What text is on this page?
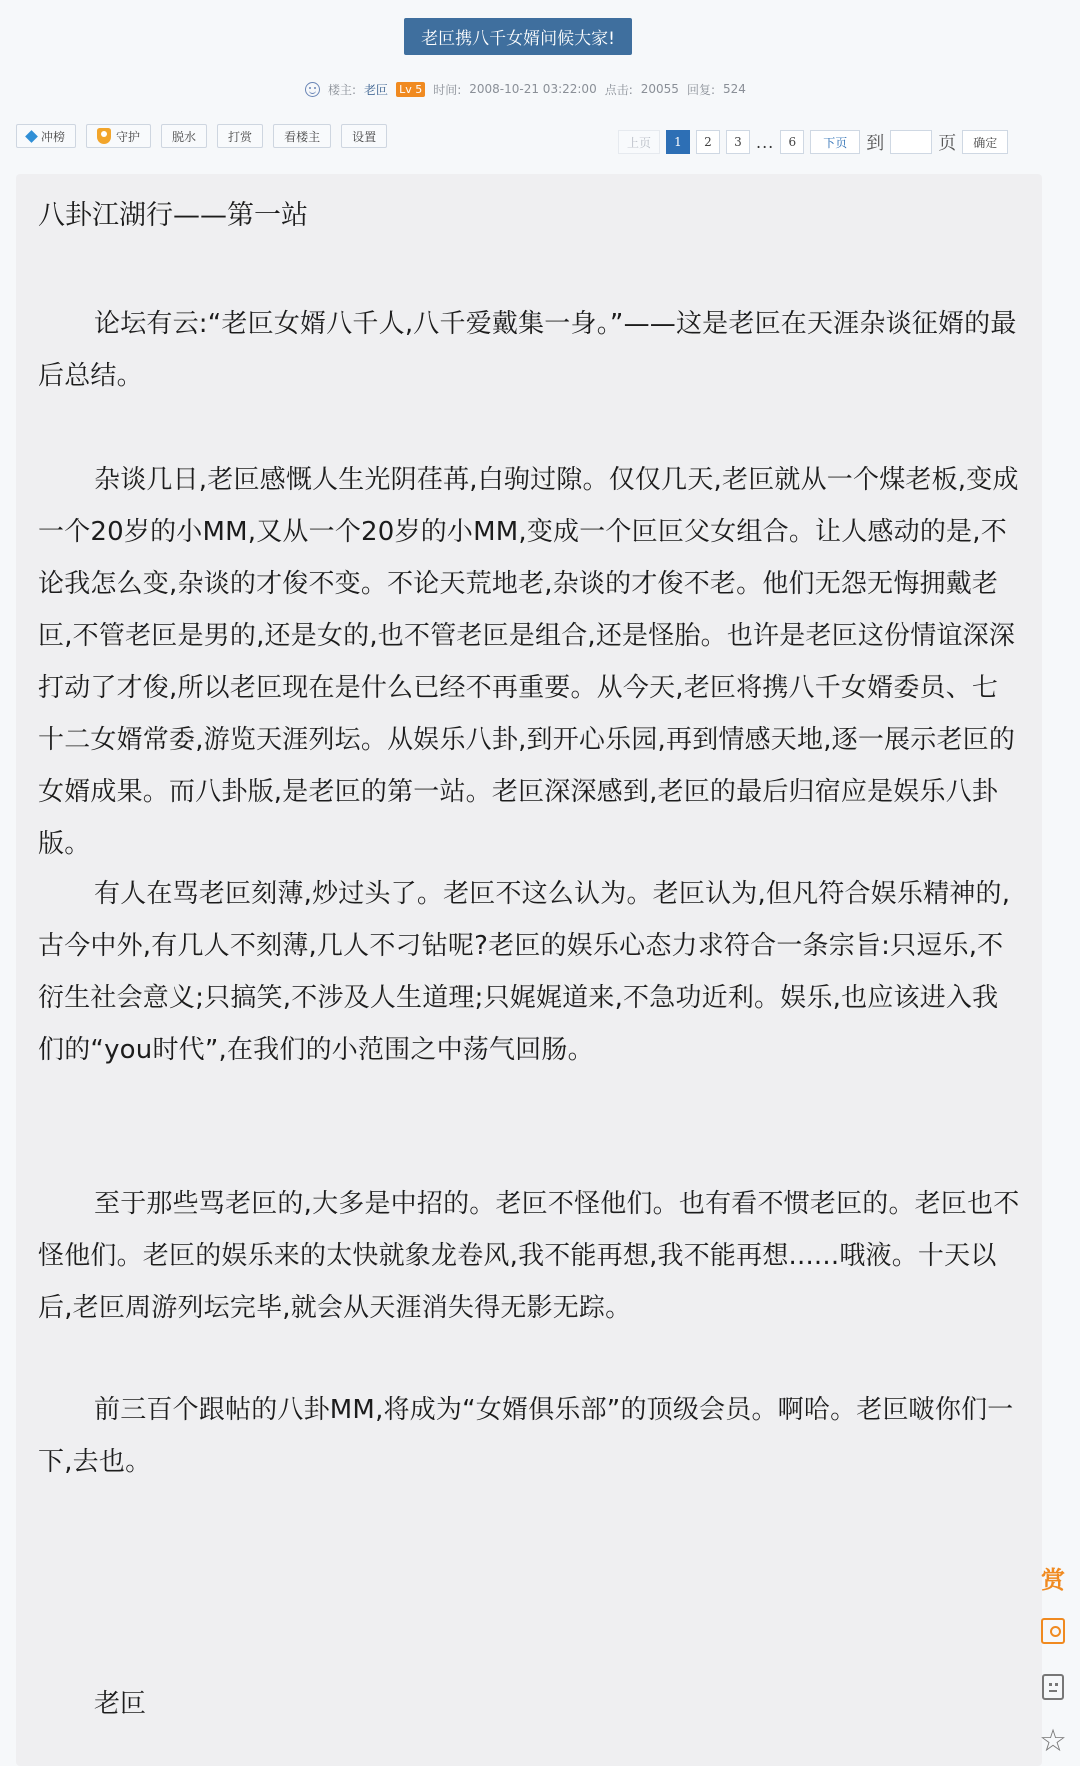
老叵携八千女婿问候大家!
楼主: 老叵 Lv 5 时间: 2008-10-21 03:22:00 点击: 20055 回复: 524
冲榜	守护	脱水	打赏	看楼主	设置	上页	1	2	3 ...	6	下页	到	页	确定
八卦江湖行——第一站

论坛有云:“老叵女婿八千人,八千爱戴集一身。”——这是老叵在天涯杂谈征婿的最后总结。

杂谈几日,老叵感慨人生光阴荏苒,白驹过隙。仅仅几天,老叵就从一个煤老板,变成一个20岁的小MM,又从一个20岁的小MM,变成一个叵叵父女组合。让人感动的是,不论我怎么变,杂谈的才俊不变。不论天荒地老,杂谈的才俊不老。他们无怨无悔拥戴老叵,不管老叵是男的,还是女的,也不管老叵是组合,还是怪胎。也许是老叵这份情谊深深打动了才俊,所以老叵现在是什么已经不再重要。从今天,老叵将携八千女婿委员、七十二女婿常委,游览天涯列坛。从娱乐八卦,到开心乐园,再到情感天地,逐一展示老叵的女婿成果。而八卦版,是老叵的第一站。老叵深深感到,老叵的最后归宿应是娱乐八卦版。

有人在骂老叵刻薄,炒过头了。老叵不这么认为。老叵认为,但凡符合娱乐精神的,古今中外,有几人不刻薄,几人不刁钻呢?老叵的娱乐心态力求符合一条宗旨:只逗乐,不衍生社会意义;只搞笑,不涉及人生道理;只娓娓道来,不急功近利。娱乐,也应该进入我们的“you时代”,在我们的小范围之中荡气回肠。

至于那些骂老叵的,大多是中招的。老叵不怪他们。也有看不惯老叵的。老叵也不怪他们。老叵的娱乐来的太快就象龙卷风,我不能再想,我不能再想......哦液。十天以后,老叵周游列坛完毕,就会从天涯消失得无影无踪。

前三百个跟帖的八卦MM,将成为“女婿俱乐部”的顶级会员。啊哈。老叵啵你们一下,去也。

老叵
赏
☆
